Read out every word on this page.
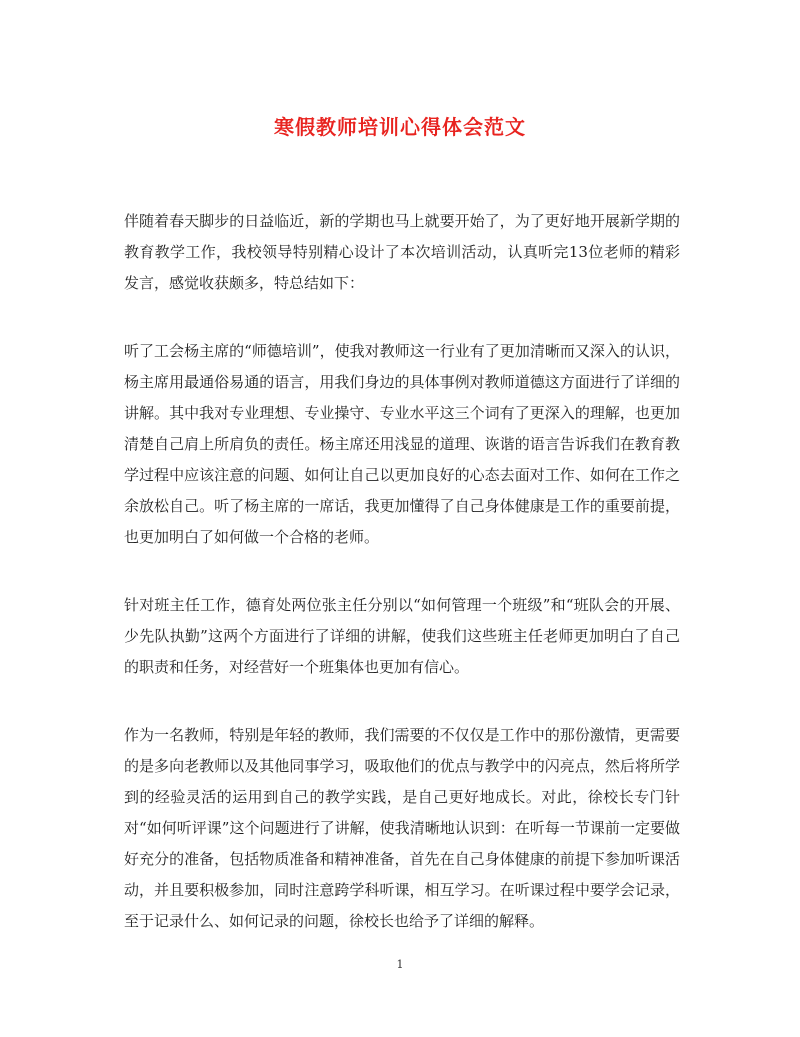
寒假教师培训心得体会范文

伴随着春天脚步的日益临近，新的学期也马上就要开始了，为了更好地开展新学期的教育教学工作，我校领导特别精心设计了本次培训活动，认真听完13位老师的精彩发言，感觉收获颇多，特总结如下：

听了工会杨主席的“师德培训”，使我对教师这一行业有了更加清晰而又深入的认识，杨主席用最通俗易通的语言，用我们身边的具体事例对教师道德这方面进行了详细的讲解。其中我对专业理想、专业操守、专业水平这三个词有了更深入的理解，也更加清楚自己肩上所肩负的责任。杨主席还用浅显的道理、诙谐的语言告诉我们在教育教学过程中应该注意的问题、如何让自己以更加良好的心态去面对工作、如何在工作之余放松自己。听了杨主席的一席话，我更加懂得了自己身体健康是工作的重要前提，也更加明白了如何做一个合格的老师。

针对班主任工作，德育处两位张主任分别以“如何管理一个班级”和“班队会的开展、少先队执勤”这两个方面进行了详细的讲解，使我们这些班主任老师更加明白了自己的职责和任务，对经营好一个班集体也更加有信心。

作为一名教师，特别是年轻的教师，我们需要的不仅仅是工作中的那份激情，更需要的是多向老教师以及其他同事学习，吸取他们的优点与教学中的闪亮点，然后将所学到的经验灵活的运用到自己的教学实践，是自己更好地成长。对此，徐校长专门针对“如何听评课”这个问题进行了讲解，使我清晰地认识到：在听每一节课前一定要做好充分的准备，包括物质准备和精神准备，首先在自己身体健康的前提下参加听课活动，并且要积极参加，同时注意跨学科听课，相互学习。在听课过程中要学会记录，至于记录什么、如何记录的问题，徐校长也给予了详细的解释。

1
